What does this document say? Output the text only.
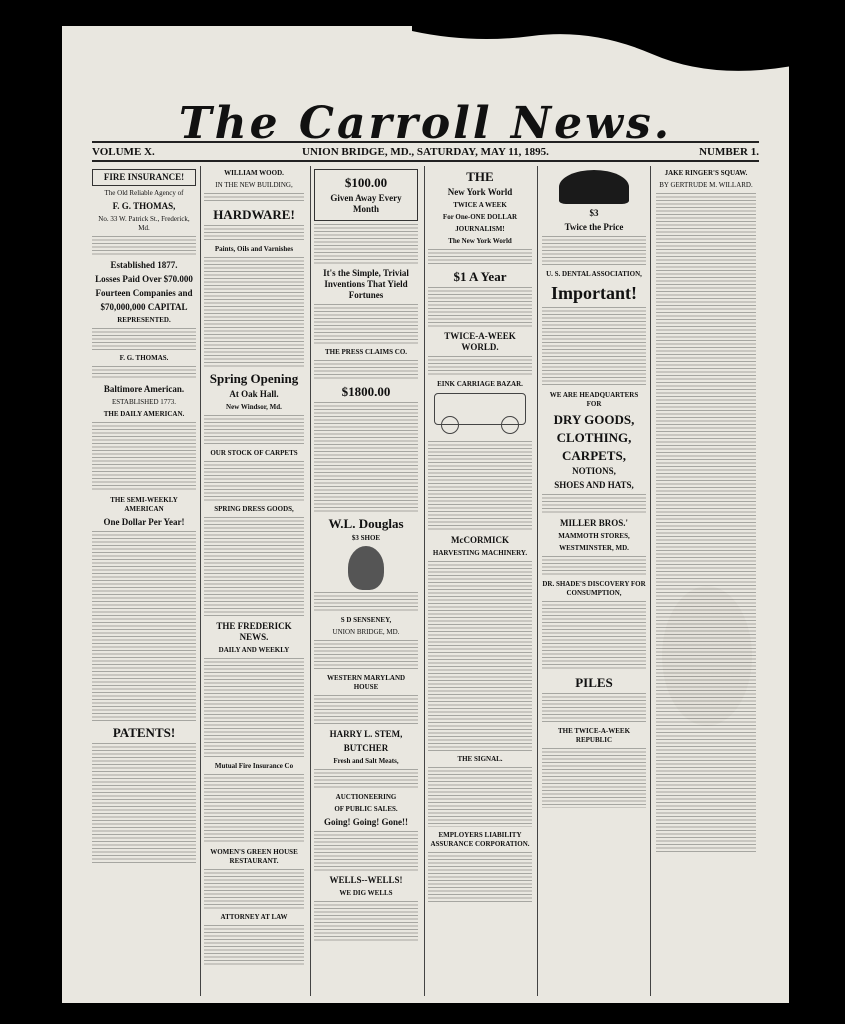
The Carroll News.
VOLUME X.	UNION BRIDGE, MD., SATURDAY, MAY 11, 1895.	NUMBER 1.
FIRE INSURANCE!
The Old Reliable Agency of
F. G. THOMAS,
No. 33 W. Patrick St., Frederick, Md.
Established 1877.
Losses Paid Over $70.000
Fourteen Companies and
$70,000,000 CAPITAL
REPRESENTED.
F. G. THOMAS.
Baltimore American.
ESTABLISHED 1773.
THE DAILY AMERICAN.
THE SEMI-WEEKLY AMERICAN
One Dollar Per Year!
PATENTS!
WILLIAM WOOD.
IN THE NEW BUILDING,
HARDWARE!
Paints, Oils and Varnishes
Spring Opening
At Oak Hall.
New Windsor, Md.
OUR STOCK OF CARPETS
SPRING DRESS GOODS,
THE FREDERICK NEWS.
DAILY AND WEEKLY
Mutual Fire Insurance Co
WOMEN'S GREEN HOUSE RESTAURANT.
ATTORNEY AT LAW
$100.00
Given Away Every Month
It's the Simple, Trivial Inventions That Yield Fortunes
THE PRESS CLAIMS CO.
$1800.00
W.L. Douglas
$3 SHOE
S D SENSENEY,
UNION BRIDGE, MD.
WESTERN MARYLAND HOUSE
HARRY L. STEM,
BUTCHER
Fresh and Salt Meats,
AUCTIONEERING
OF PUBLIC SALES.
Going! Going! Gone!!
WELLS--WELLS!
WE DIG WELLS
THE
New York World
TWICE A WEEK
For One-ONE DOLLAR
JOURNALISM!
The New York World
$1 A Year
TWICE-A-WEEK WORLD.
EINK CARRIAGE BAZAR.
McCORMICK
HARVESTING MACHINERY.
THE SIGNAL.
EMPLOYERS LIABILITY ASSURANCE CORPORATION.
$3
Twice the Price
U. S. DENTAL ASSOCIATION,
Important!
WE ARE HEADQUARTERS FOR
DRY GOODS,
CLOTHING,
CARPETS,
NOTIONS,
SHOES AND HATS,
MILLER BROS.'
MAMMOTH STORES,
WESTMINSTER, MD.
DR. SHADE'S DISCOVERY FOR CONSUMPTION,
PILES
THE TWICE-A-WEEK REPUBLIC
JAKE RINGER'S SQUAW.
BY GERTRUDE M. WILLARD.
